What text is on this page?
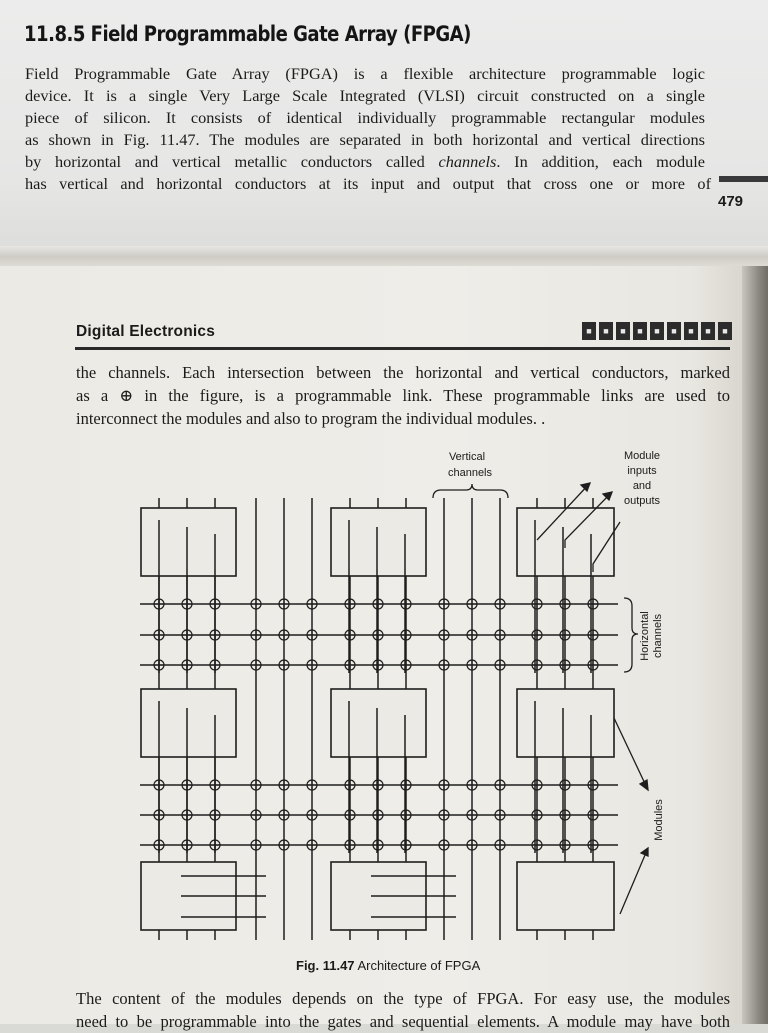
11.8.5 Field Programmable Gate Array (FPGA)
Field Programmable Gate Array (FPGA) is a flexible architecture programmable logic
device. It is a single Very Large Scale Integrated (VLSI) circuit constructed on a single
piece of silicon. It consists of identical individually programmable rectangular modules
as shown in Fig. 11.47. The modules are separated in both horizontal and vertical directions
by horizontal and vertical metallic conductors called channels. In addition, each module
has vertical and horizontal conductors at its input and output that cross one or more of
479
Digital Electronics	■	■	■	■	■	■	■	■	■
the channels. Each intersection between the horizontal and vertical conductors, marked
as a ⊕ in the figure, is a programmable link. These programmable links are used to
interconnect the modules and also to program the individual modules. .
Vertical
channels
Module
inputs
and
outputs
Horizontal channels
Modules
Fig. 11.47 Architecture of FPGA
The content of the modules depends on the type of FPGA. For easy use, the modules
need to be programmable into the gates and sequential elements. A module may have both
